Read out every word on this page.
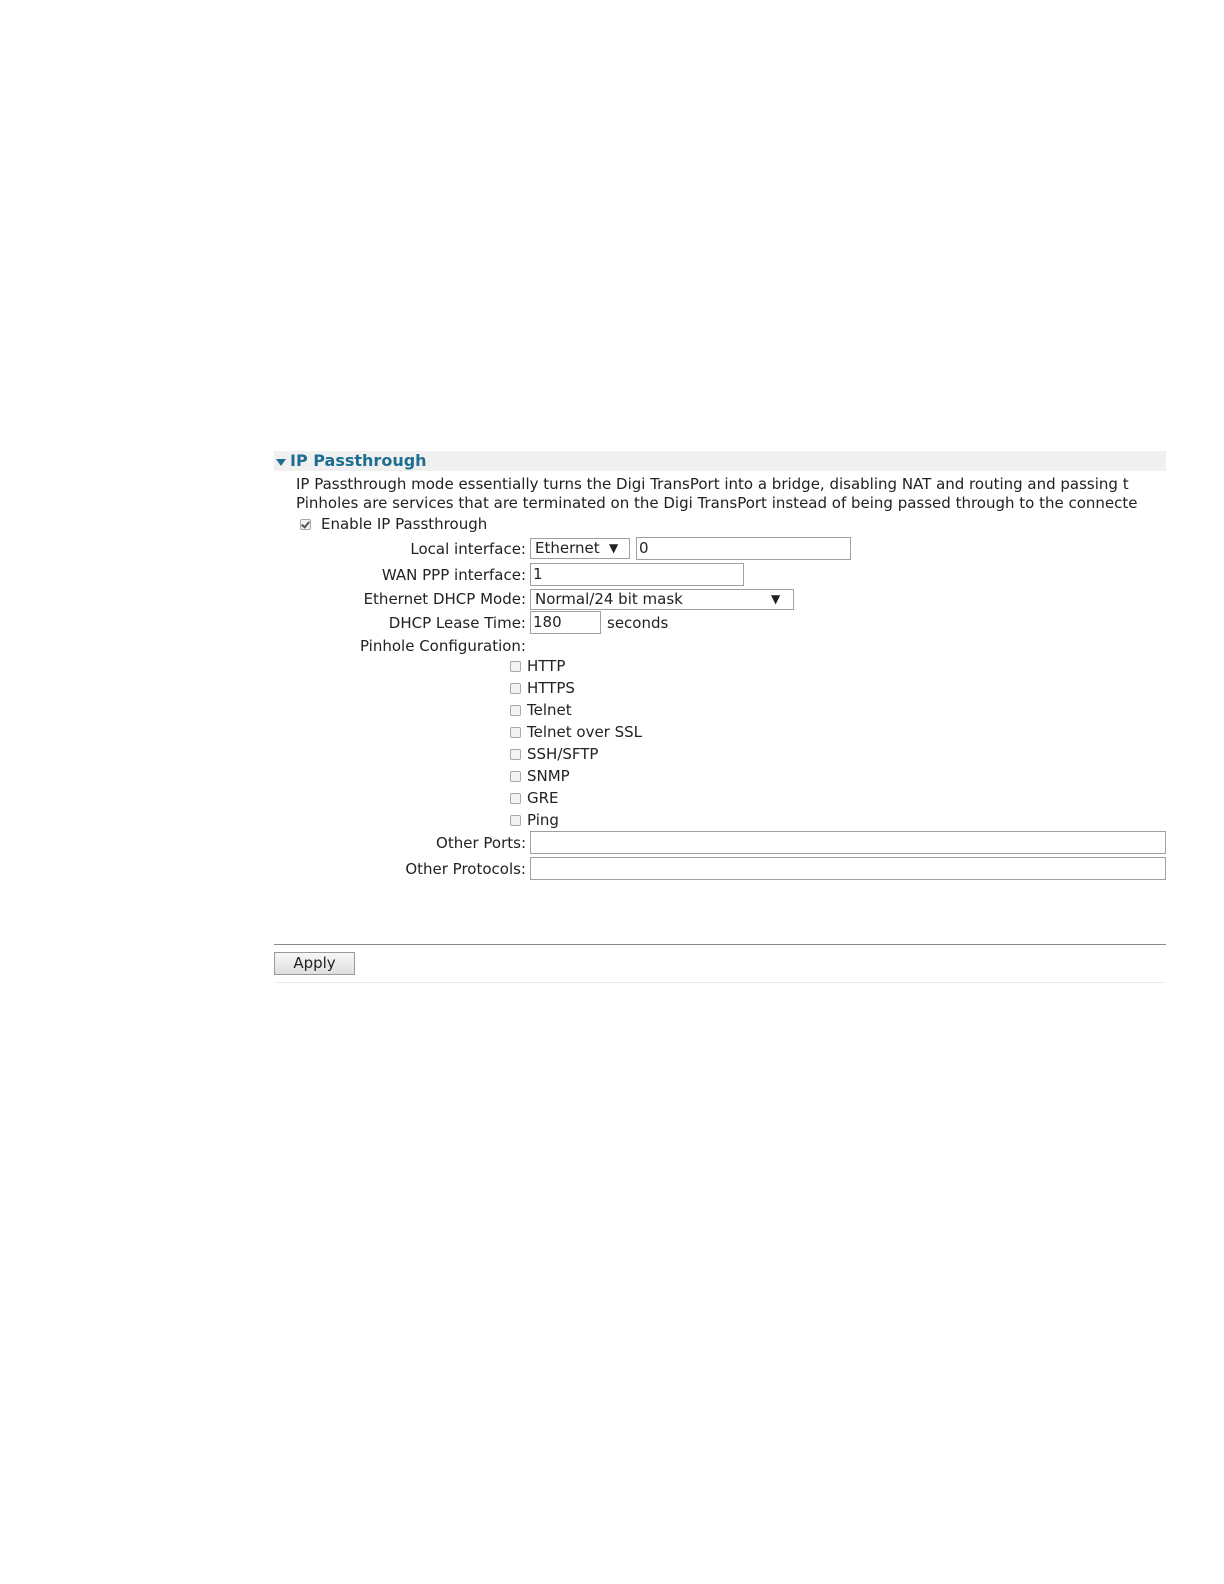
IP Passthrough
IP Passthrough mode essentially turns the Digi TransPort into a bridge, disabling NAT and routing and passing t
Pinholes are services that are terminated on the Digi TransPort instead of being passed through to the connecte
Enable IP Passthrough
Local interface: Ethernet ▼ 0
WAN PPP interface: 1
Ethernet DHCP Mode: Normal/24 bit mask	▼
DHCP Lease Time: 180	seconds
Pinhole Configuration:
HTTP
HTTPS
Telnet
Telnet over SSL
SSH/SFTP
SNMP
GRE
Ping
Other Ports:
Other Protocols:
Apply
